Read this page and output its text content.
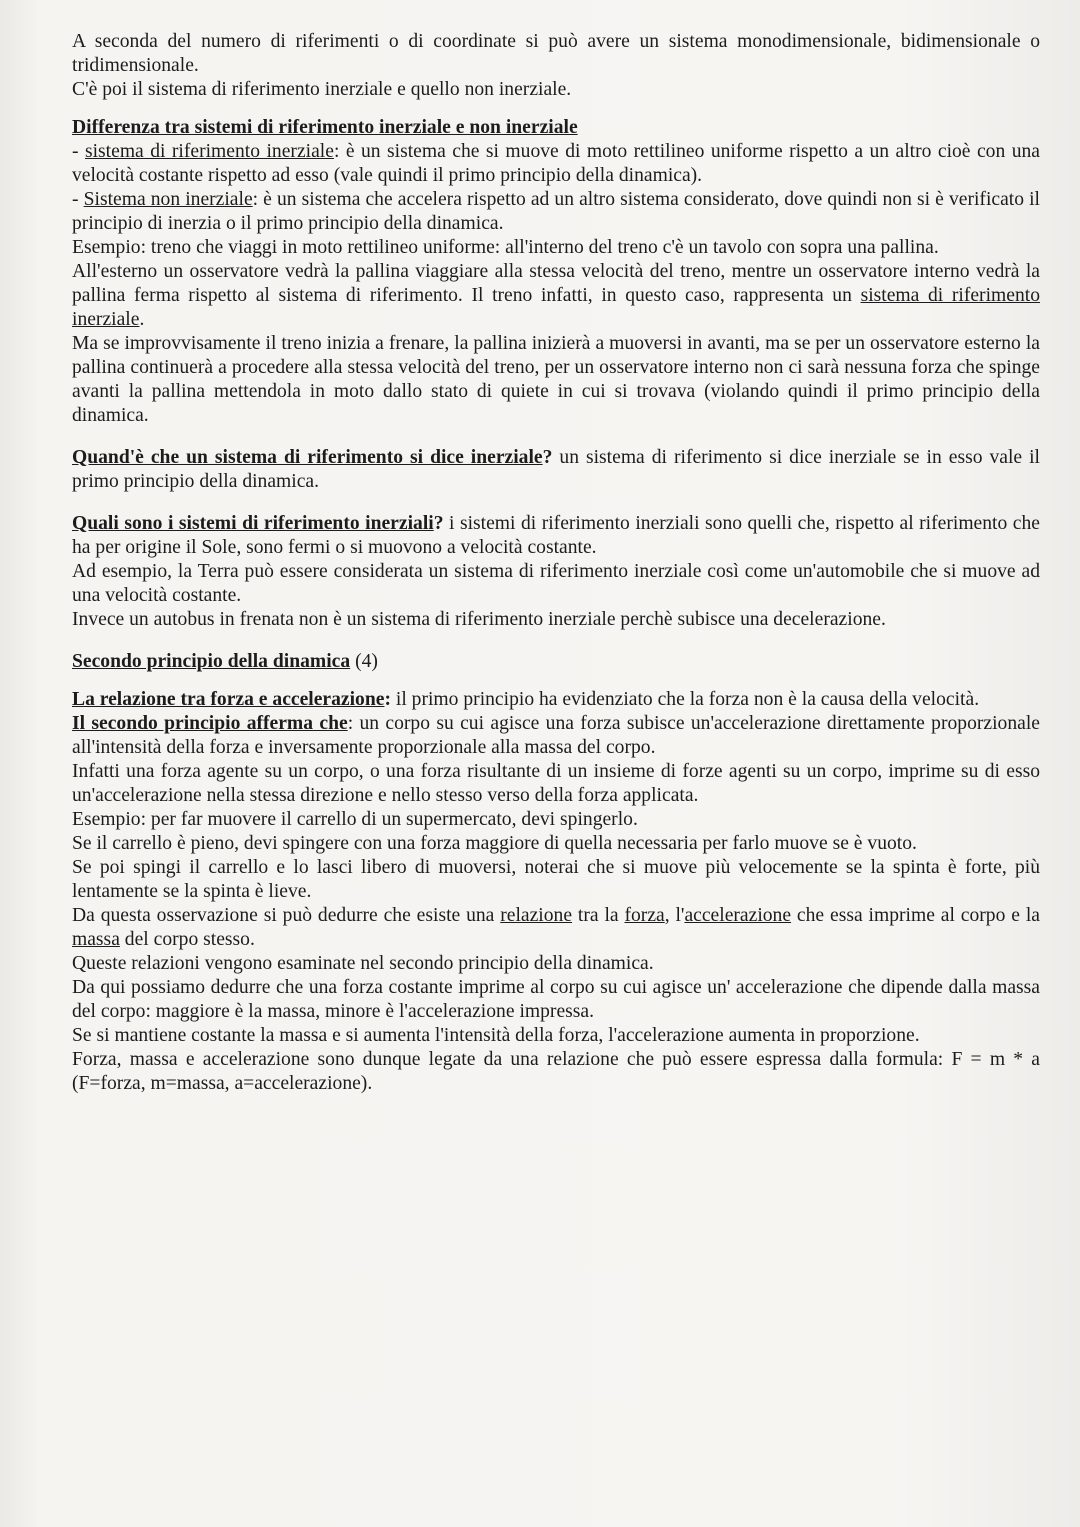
A seconda del numero di riferimenti o di coordinate si può avere un sistema monodimensionale, bidimensionale o tridimensionale.

C'è poi il sistema di riferimento inerziale e quello non inerziale.

Differenza tra sistemi di riferimento inerziale e non inerziale

- sistema di riferimento inerziale: è un sistema che si muove di moto rettilineo uniforme rispetto a un altro cioè con una velocità costante rispetto ad esso (vale quindi il primo principio della dinamica).

- Sistema non inerziale: è un sistema che accelera rispetto ad un altro sistema considerato, dove quindi non si è verificato il principio di inerzia o il primo principio della dinamica.

Esempio: treno che viaggi in moto rettilineo uniforme: all'interno del treno c'è un tavolo con sopra una pallina.

All'esterno un osservatore vedrà la pallina viaggiare alla stessa velocità del treno, mentre un osservatore interno vedrà la pallina ferma rispetto al sistema di riferimento. Il treno infatti, in questo caso, rappresenta un sistema di riferimento inerziale.

Ma se improvvisamente il treno inizia a frenare, la pallina inizierà a muoversi in avanti, ma se per un osservatore esterno la pallina continuerà a procedere alla stessa velocità del treno, per un osservatore interno non ci sarà nessuna forza che spinge avanti la pallina mettendola in moto dallo stato di quiete in cui si trovava (violando quindi il primo principio della dinamica.

Quand'è che un sistema di riferimento si dice inerziale? un sistema di riferimento si dice inerziale se in esso vale il primo principio della dinamica.

Quali sono i sistemi di riferimento inerziali? i sistemi di riferimento inerziali sono quelli che, rispetto al riferimento che ha per origine il Sole, sono fermi o si muovono a velocità costante.

Ad esempio, la Terra può essere considerata un sistema di riferimento inerziale così come un'automobile che si muove ad una velocità costante.

Invece un autobus in frenata non è un sistema di riferimento inerziale perchè subisce una decelerazione.

Secondo principio della dinamica (4)

La relazione tra forza e accelerazione: il primo principio ha evidenziato che la forza non è la causa della velocità.

Il secondo principio afferma che: un corpo su cui agisce una forza subisce un'accelerazione direttamente proporzionale all'intensità della forza e inversamente proporzionale alla massa del corpo.

Infatti una forza agente su un corpo, o una forza risultante di un insieme di forze agenti su un corpo, imprime su di esso un'accelerazione nella stessa direzione e nello stesso verso della forza applicata.

Esempio: per far muovere il carrello di un supermercato, devi spingerlo.

Se il carrello è pieno, devi spingere con una forza maggiore di quella necessaria per farlo muove se è vuoto.

Se poi spingi il carrello e lo lasci libero di muoversi, noterai che si muove più velocemente se la spinta è forte, più lentamente se la spinta è lieve.

Da questa osservazione si può dedurre che esiste una relazione tra la forza, l'accelerazione che essa imprime al corpo e la massa del corpo stesso.

Queste relazioni vengono esaminate nel secondo principio della dinamica.

Da qui possiamo dedurre che una forza costante imprime al corpo su cui agisce un' accelerazione che dipende dalla massa del corpo: maggiore è la massa, minore è l'accelerazione impressa.

Se si mantiene costante la massa e si aumenta l'intensità della forza, l'accelerazione aumenta in proporzione.

Forza, massa e accelerazione sono dunque legate da una relazione che può essere espressa dalla formula: F = m * a (F=forza, m=massa, a=accelerazione).
